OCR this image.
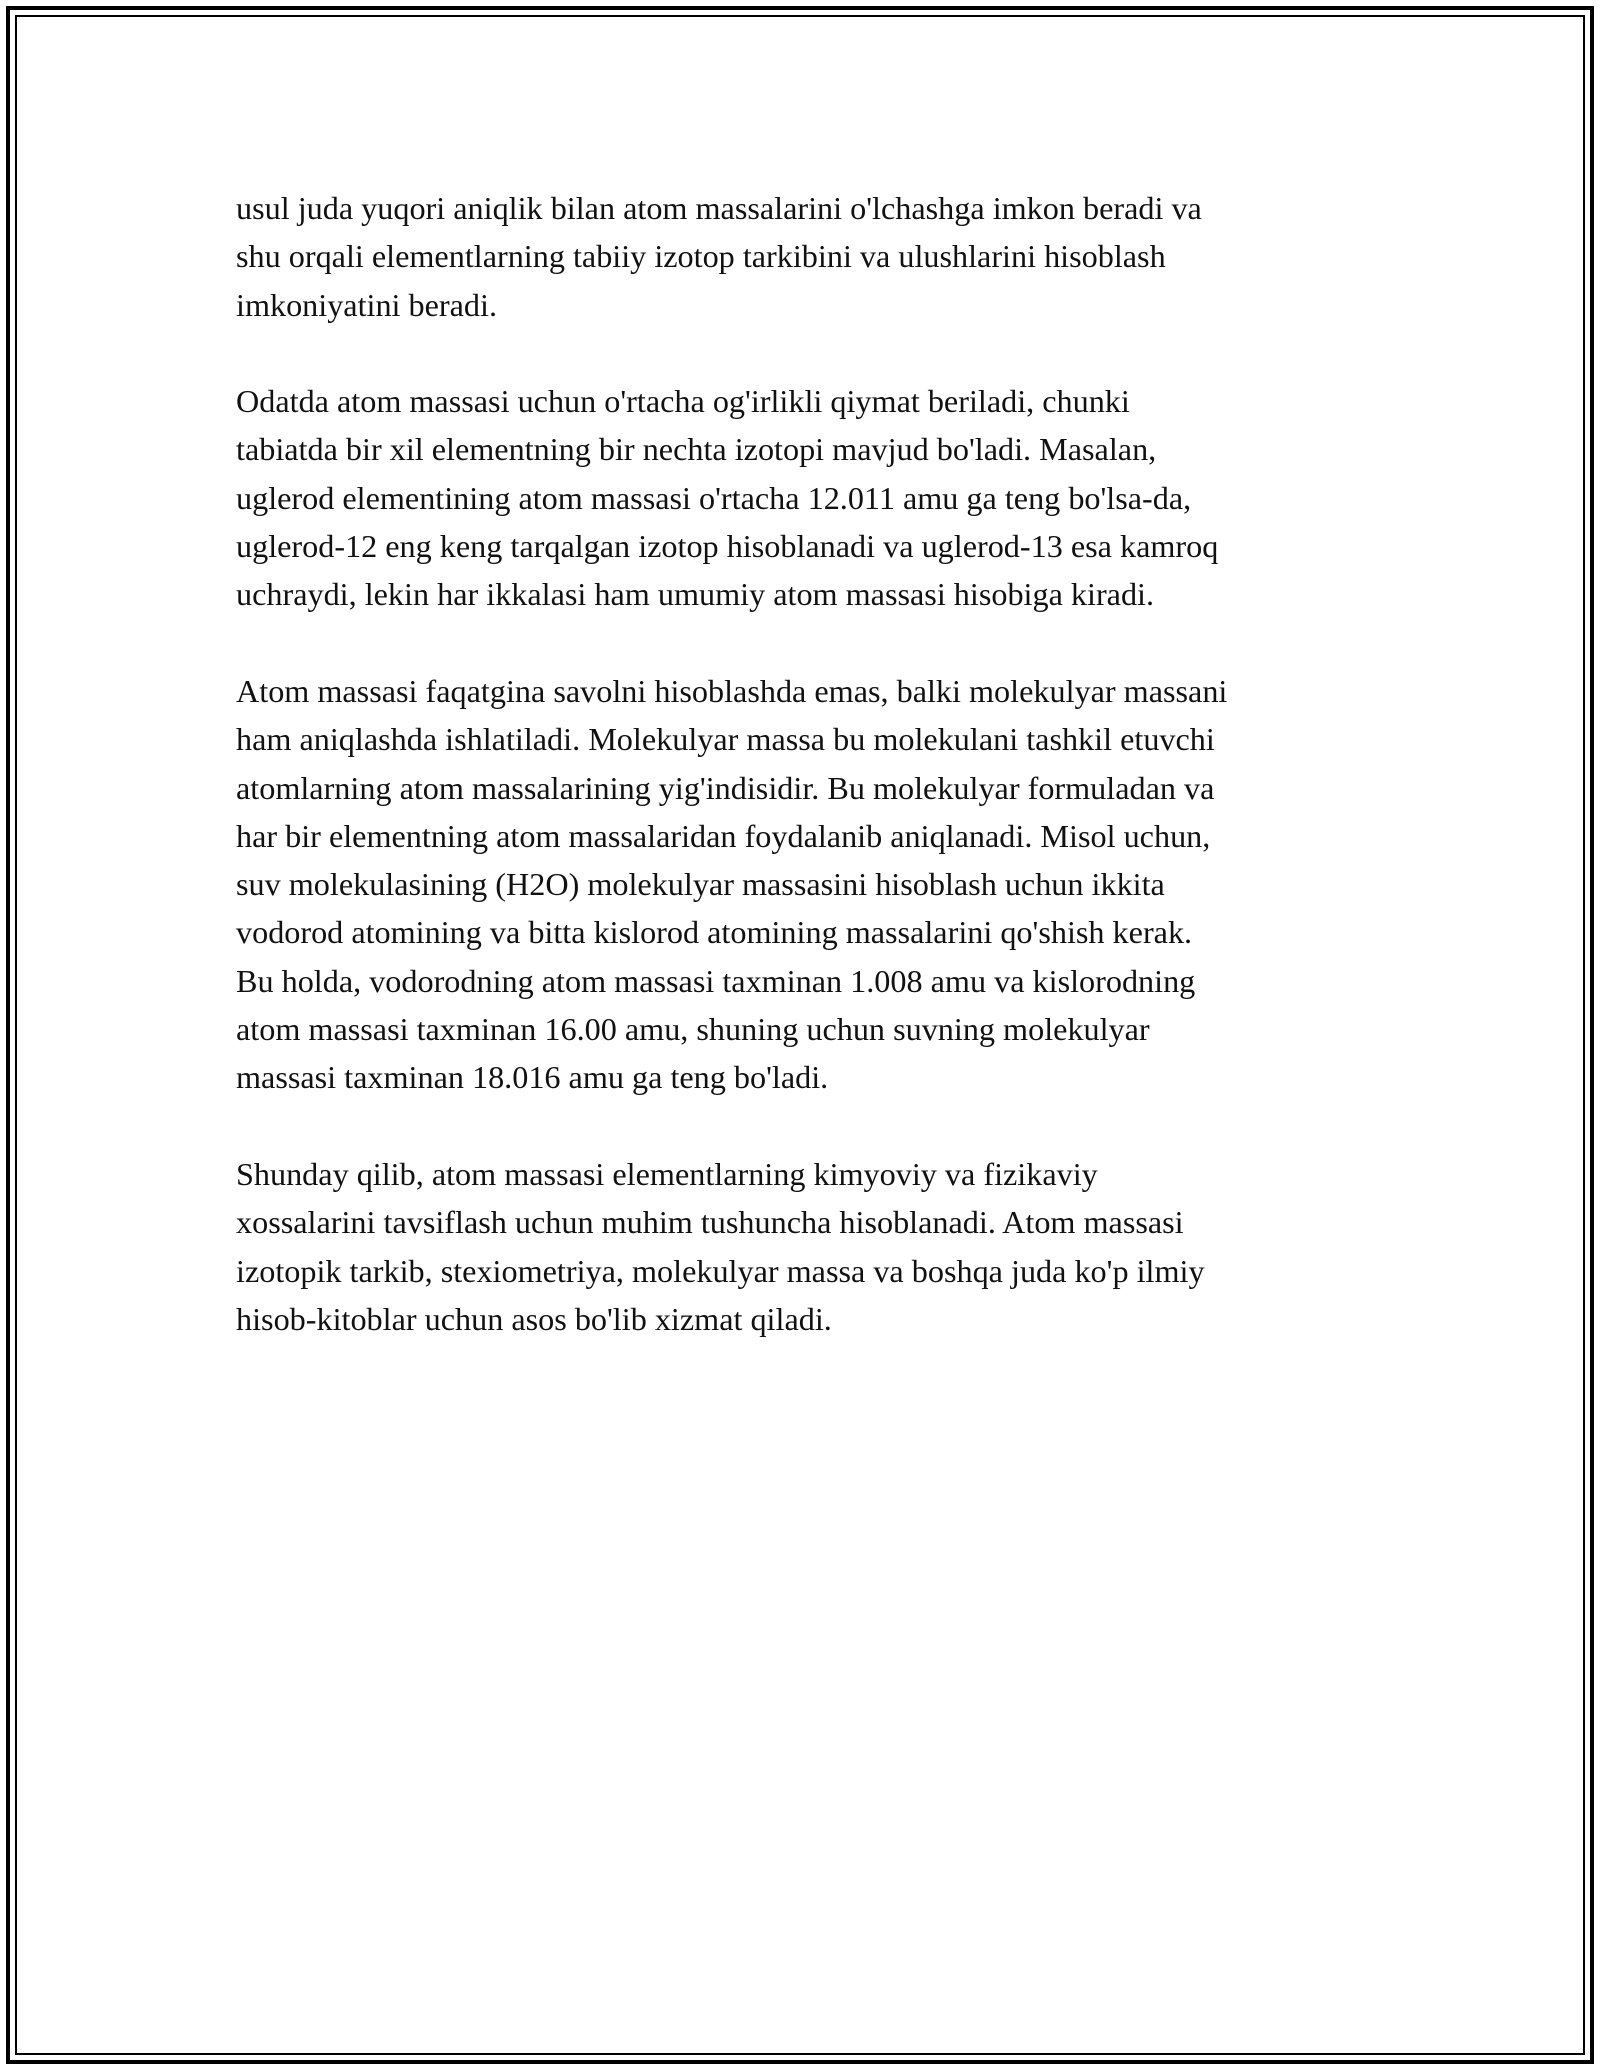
usul juda yuqori aniqlik bilan atom massalarini o'lchashga imkon beradi va
shu orqali elementlarning tabiiy izotop tarkibini va ulushlarini hisoblash
imkoniyatini beradi.

Odatda atom massasi uchun o'rtacha og'irlikli qiymat beriladi, chunki
tabiatda bir xil elementning bir nechta izotopi mavjud bo'ladi. Masalan,
uglerod elementining atom massasi o'rtacha 12.011 amu ga teng bo'lsa-da,
uglerod-12 eng keng tarqalgan izotop hisoblanadi va uglerod-13 esa kamroq
uchraydi, lekin har ikkalasi ham umumiy atom massasi hisobiga kiradi.

Atom massasi faqatgina savolni hisoblashda emas, balki molekulyar massani
ham aniqlashda ishlatiladi. Molekulyar massa bu molekulani tashkil etuvchi
atomlarning atom massalarining yig'indisidir. Bu molekulyar formuladan va
har bir elementning atom massalaridan foydalanib aniqlanadi. Misol uchun,
suv molekulasining (H2O) molekulyar massasini hisoblash uchun ikkita
vodorod atomining va bitta kislorod atomining massalarini qo'shish kerak.
Bu holda, vodorodning atom massasi taxminan 1.008 amu va kislorodning
atom massasi taxminan 16.00 amu, shuning uchun suvning molekulyar
massasi taxminan 18.016 amu ga teng bo'ladi.

Shunday qilib, atom massasi elementlarning kimyoviy va fizikaviy
xossalarini tavsiflash uchun muhim tushuncha hisoblanadi. Atom massasi
izotopik tarkib, stexiometriya, molekulyar massa va boshqa juda ko'p ilmiy
hisob-kitoblar uchun asos bo'lib xizmat qiladi.
